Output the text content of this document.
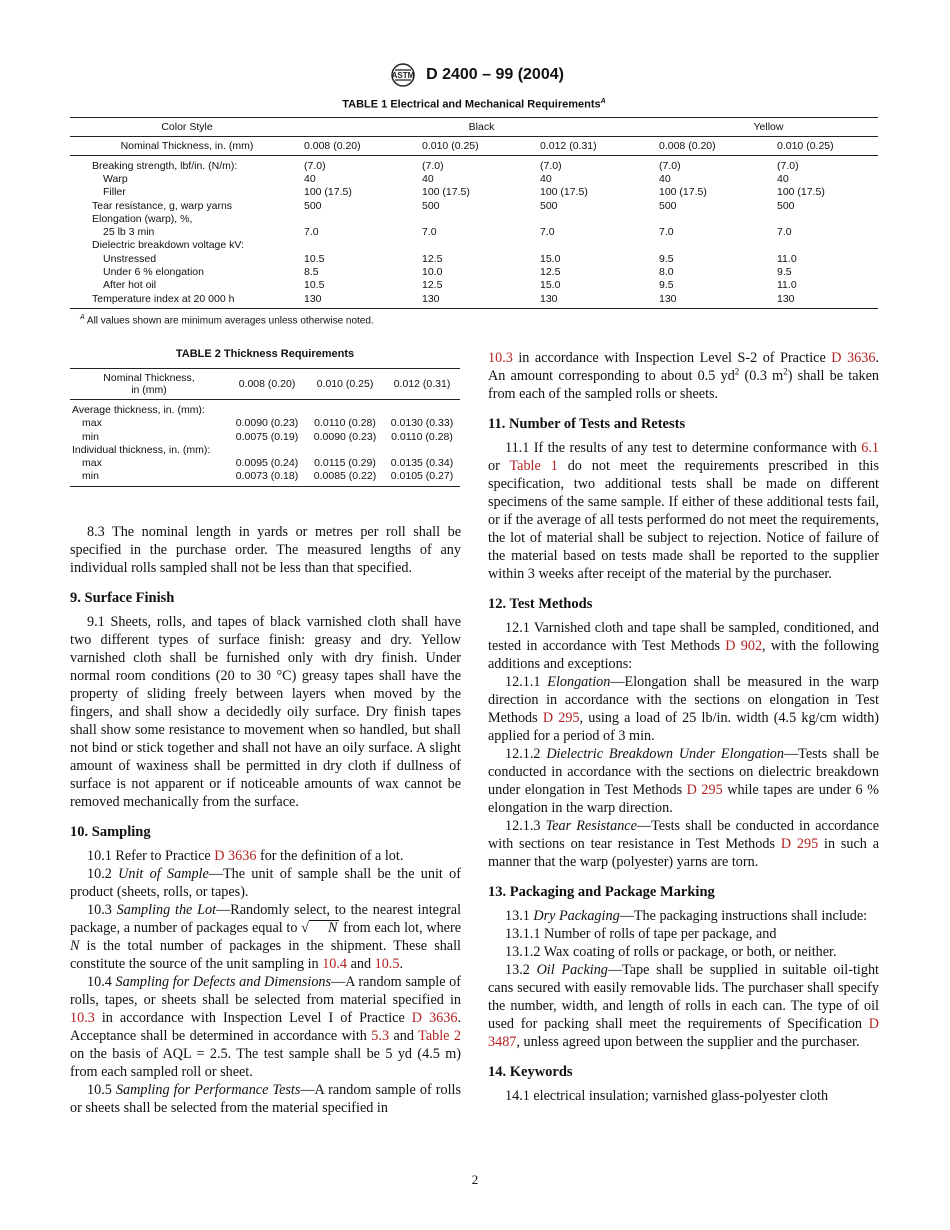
ASTM D 2400 – 99 (2004)
TABLE 1 Electrical and Mechanical Requirements$^A$
Color Style	Black			Yellow	
Nominal Thickness, in. (mm)	0.008 (0.20)	0.010 (0.25)	0.012 (0.31)	0.008 (0.20)	0.010 (0.25)
Breaking strength, lbf/in. (N/m):	(7.0)	(7.0)	(7.0)	(7.0)	(7.0)
Warp	40	40	40	40	40
Filler	100 (17.5)	100 (17.5)	100 (17.5)	100 (17.5)	100 (17.5)
Tear resistance, g, warp yarns	500	500	500	500	500
Elongation (warp), %,					
25 lb 3 min	7.0	7.0	7.0	7.0	7.0
Dielectric breakdown voltage kV:					
Unstressed	10.5	12.5	15.0	9.5	11.0
Under 6 % elongation	8.5	10.0	12.5	8.0	9.5
After hot oil	10.5	12.5	15.0	9.5	11.0
Temperature index at 20 000 h	130	130	130	130	130
$^A$ All values shown are minimum averages unless otherwise noted.
TABLE 2 Thickness Requirements
Nominal Thickness,
in (mm)	0.008 (0.20)	0.010 (0.25)	0.012 (0.31)
Average thickness, in. (mm):			
max	0.0090 (0.23)	0.0110 (0.28)	0.0130 (0.33)
min	0.0075 (0.19)	0.0090 (0.23)	0.0110 (0.28)
Individual thickness, in. (mm):			
max	0.0095 (0.24)	0.0115 (0.29)	0.0135 (0.34)
min	0.0073 (0.18)	0.0085 (0.22)	0.0105 (0.27)

8.3 The nominal length in yards or metres per roll shall be specified in the purchase order. The measured lengths of any individual rolls sampled shall not be less than that specified.

9. Surface Finish

9.1 Sheets, rolls, and tapes of black varnished cloth shall have two different types of surface finish: greasy and dry. Yellow varnished cloth shall be furnished only with dry finish. Under normal room conditions (20 to 30 °C) greasy tapes shall have the property of sliding freely between layers when moved by the fingers, and shall show a decidedly oily surface. Dry finish tapes shall show some resistance to movement when so handled, but shall not bind or stick together and shall not have an oily surface. A slight amount of waxiness shall be permitted in dry cloth if dullness of surface is not apparent or if noticeable amounts of wax cannot be removed mechanically from the surface.

10. Sampling

10.1 Refer to Practice D 3636 for the definition of a lot.

10.2 Unit of Sample—The unit of sample shall be the unit of product (sheets, rolls, or tapes).

10.3 Sampling the Lot—Randomly select, to the nearest integral package, a number of packages equal to √ N from each lot, where N is the total number of packages in the shipment. These shall constitute the source of the unit sampling in 10.4 and 10.5.

10.4 Sampling for Defects and Dimensions—A random sample of rolls, tapes, or sheets shall be selected from material specified in 10.3 in accordance with Inspection Level I of Practice D 3636. Acceptance shall be determined in accordance with 5.3 and Table 2 on the basis of AQL = 2.5. The test sample shall be 5 yd (4.5 m) from each sampled roll or sheet.

10.5 Sampling for Performance Tests—A random sample of rolls or sheets shall be selected from the material specified in

10.3 in accordance with Inspection Level S-2 of Practice D 3636. An amount corresponding to about 0.5 $yd^2$ (0.3 $m^2$) shall be taken from each of the sampled rolls or sheets.

11. Number of Tests and Retests

11.1 If the results of any test to determine conformance with 6.1 or Table 1 do not meet the requirements prescribed in this specification, two additional tests shall be made on different specimens of the same sample. If either of these additional tests fail, or if the average of all tests performed do not meet the requirements, the lot of material shall be subject to rejection. Notice of failure of the material based on tests made shall be reported to the supplier within 3 weeks after receipt of the material by the purchaser.

12. Test Methods

12.1 Varnished cloth and tape shall be sampled, conditioned, and tested in accordance with Test Methods D 902, with the following additions and exceptions:

12.1.1 Elongation—Elongation shall be measured in the warp direction in accordance with the sections on elongation in Test Methods D 295, using a load of 25 lb/in. width (4.5 kg/cm width) applied for a period of 3 min.

12.1.2 Dielectric Breakdown Under Elongation—Tests shall be conducted in accordance with the sections on dielectric breakdown under elongation in Test Methods D 295 while tapes are under 6 % elongation in the warp direction.

12.1.3 Tear Resistance—Tests shall be conducted in accordance with sections on tear resistance in Test Methods D 295 in such a manner that the warp (polyester) yarns are torn.

13. Packaging and Package Marking

13.1 Dry Packaging—The packaging instructions shall include:

13.1.1 Number of rolls of tape per package, and

13.1.2 Wax coating of rolls or package, or both, or neither.

13.2 Oil Packing—Tape shall be supplied in suitable oil-tight cans secured with easily removable lids. The purchaser shall specify the number, width, and length of rolls in each can. The type of oil used for packing shall meet the requirements of Specification D 3487, unless agreed upon between the supplier and the purchaser.

14. Keywords

14.1 electrical insulation; varnished glass-polyester cloth

2
